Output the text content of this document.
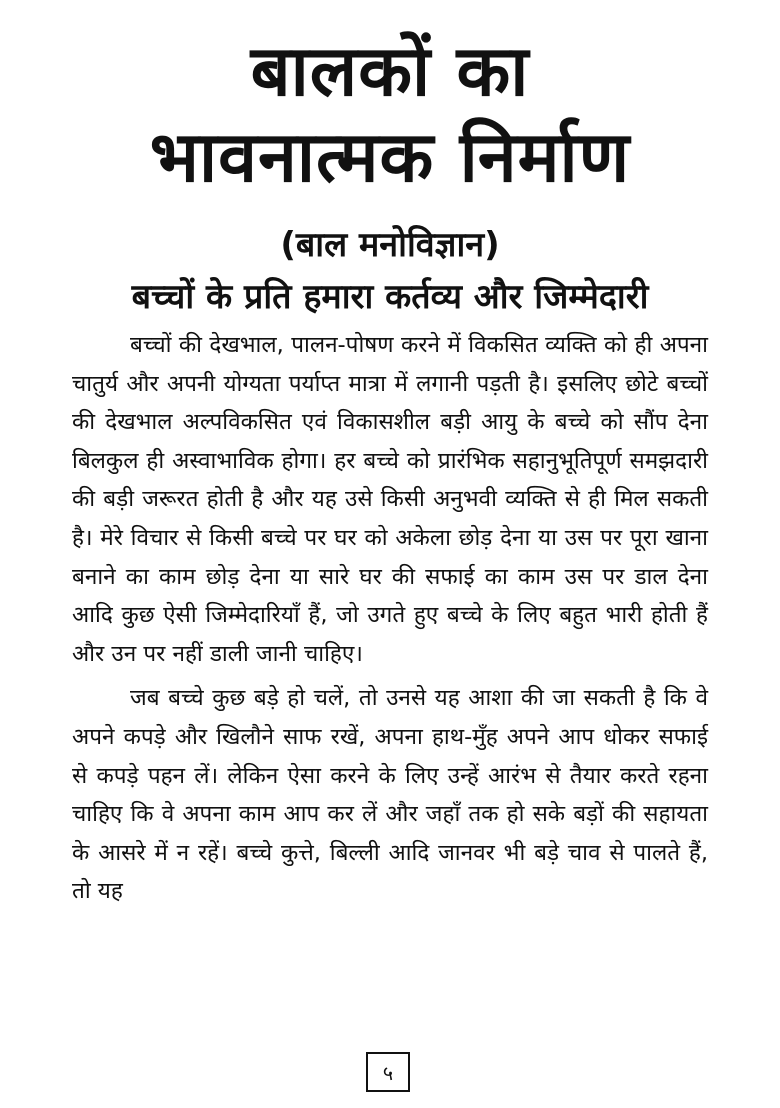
बालकों का
भावनात्मक निर्माण
(बाल मनोविज्ञान)
बच्चों के प्रति हमारा कर्तव्य और जिम्मेदारी

बच्चों की देखभाल, पालन-पोषण करने में विकसित व्यक्ति को ही अपना चातुर्य और अपनी योग्यता पर्याप्त मात्रा में लगानी पड़ती है। इसलिए छोटे बच्चों की देखभाल अल्पविकसित एवं विकासशील बड़ी आयु के बच्चे को सौंप देना बिलकुल ही अस्वाभाविक होगा। हर बच्चे को प्रारंभिक सहानुभूतिपूर्ण समझदारी की बड़ी जरूरत होती है और यह उसे किसी अनुभवी व्यक्ति से ही मिल सकती है। मेरे विचार से किसी बच्चे पर घर को अकेला छोड़ देना या उस पर पूरा खाना बनाने का काम छोड़ देना या सारे घर की सफाई का काम उस पर डाल देना आदि कुछ ऐसी जिम्मेदारियाँ हैं, जो उगते हुए बच्चे के लिए बहुत भारी होती हैं और उन पर नहीं डाली जानी चाहिए।

जब बच्चे कुछ बड़े हो चलें, तो उनसे यह आशा की जा सकती है कि वे अपने कपड़े और खिलौने साफ रखें, अपना हाथ-मुँह अपने आप धोकर सफाई से कपड़े पहन लें। लेकिन ऐसा करने के लिए उन्हें आरंभ से तैयार करते रहना चाहिए कि वे अपना काम आप कर लें और जहाँ तक हो सके बड़ों की सहायता के आसरे में न रहें। बच्चे कुत्ते, बिल्ली आदि जानवर भी बड़े चाव से पालते हैं, तो यह

५
